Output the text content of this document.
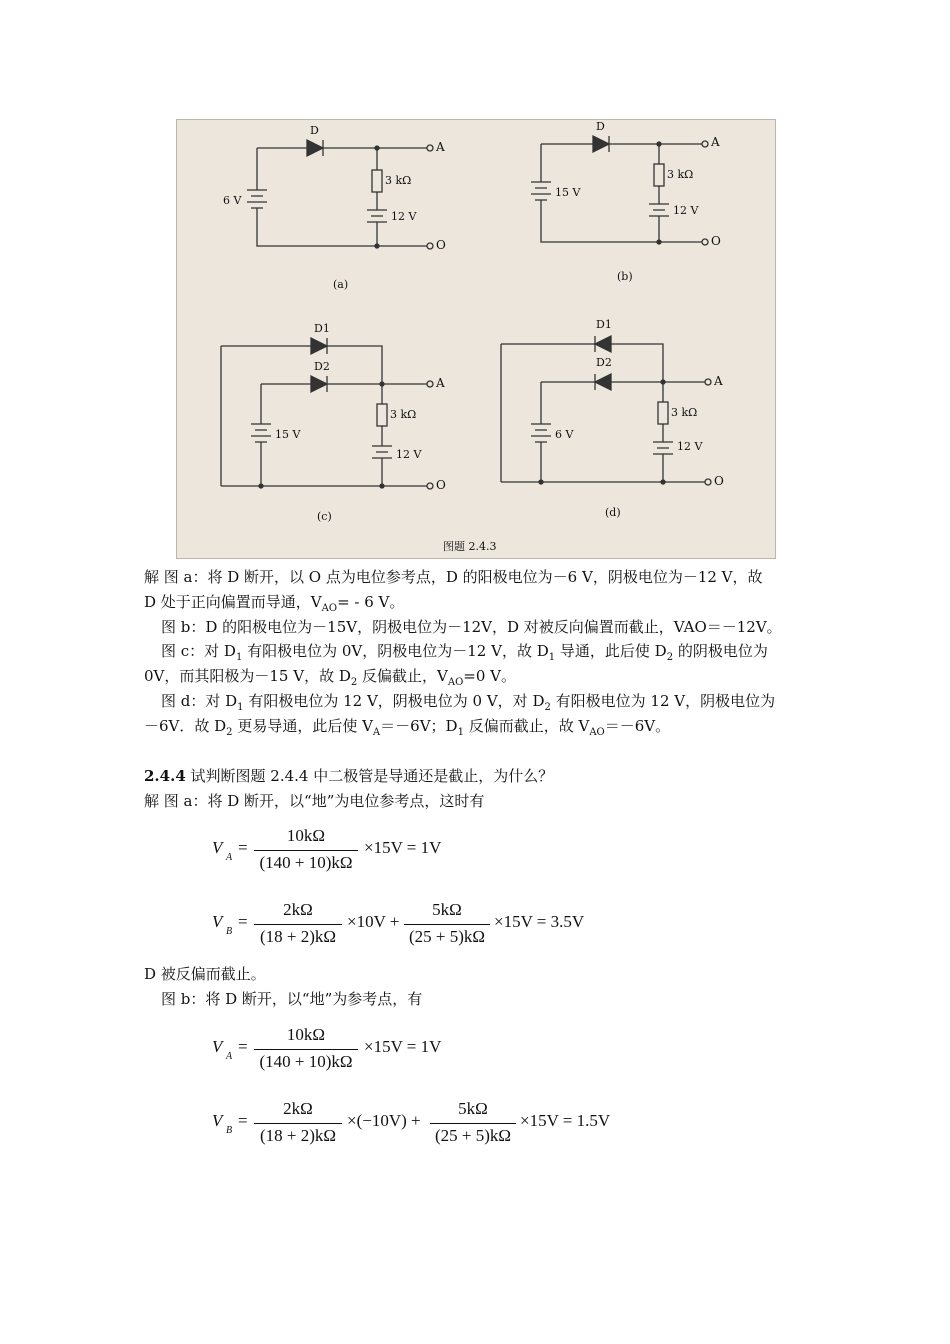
D
6 V
3 kΩ
12 V
A
O
(a)
D
15 V
3 kΩ
12 V
A
O
(b)
D1
D2
15 V
3 kΩ
12 V
A
O
(c)
D1
D2
6 V
3 kΩ
12 V
A
O
(d)
图题 2.4.3
解 图 a：将 D 断开，以 O 点为电位参考点，D 的阳极电位为－6 V，阴极电位为－12 V，故
D 处于正向偏置而导通，$V_{AO}= - 6$ V。
图 b：D 的阳极电位为－15V，阴极电位为－12V，D 对被反向偏置而截止，VAO＝－12V。
图 c：对 $D_1$ 有阳极电位为 0V，阴极电位为－12 V，故 $D_1$ 导通，此后使 $D_2$ 的阴极电位为
0V，而其阳极为－15 V，故 $D_2$ 反偏截止，$V_{AO}=0$ V。
图 d：对 $D_1$ 有阳极电位为 12 V，阴极电位为 0 V，对 $D_2$ 有阳极电位为 12 V，阴极电位为
－6V．故 $D_2$ 更易导通，此后使 $V_A=-6V$；$D_1$ 反偏而截止，故 $V_{AO}=-6V$。
2.4.4 试判断图题 2.4.4 中二极管是导通还是截止，为什么？
解 图 a：将 D 断开，以“地”为电位参考点，这时有
V
A
=
10kΩ
(140 + 10)kΩ
×15V = 1V
V
B
=
2kΩ
(18 + 2)kΩ
×10V +
5kΩ
(25 + 5)kΩ
×15V = 3.5V
D 被反偏而截止。
图 b：将 D 断开，以“地”为参考点，有
V
A
=
10kΩ
(140 + 10)kΩ
×15V = 1V
V
B
=
2kΩ
(18 + 2)kΩ
×(−10V) +
5kΩ
(25 + 5)kΩ
×15V = 1.5V
